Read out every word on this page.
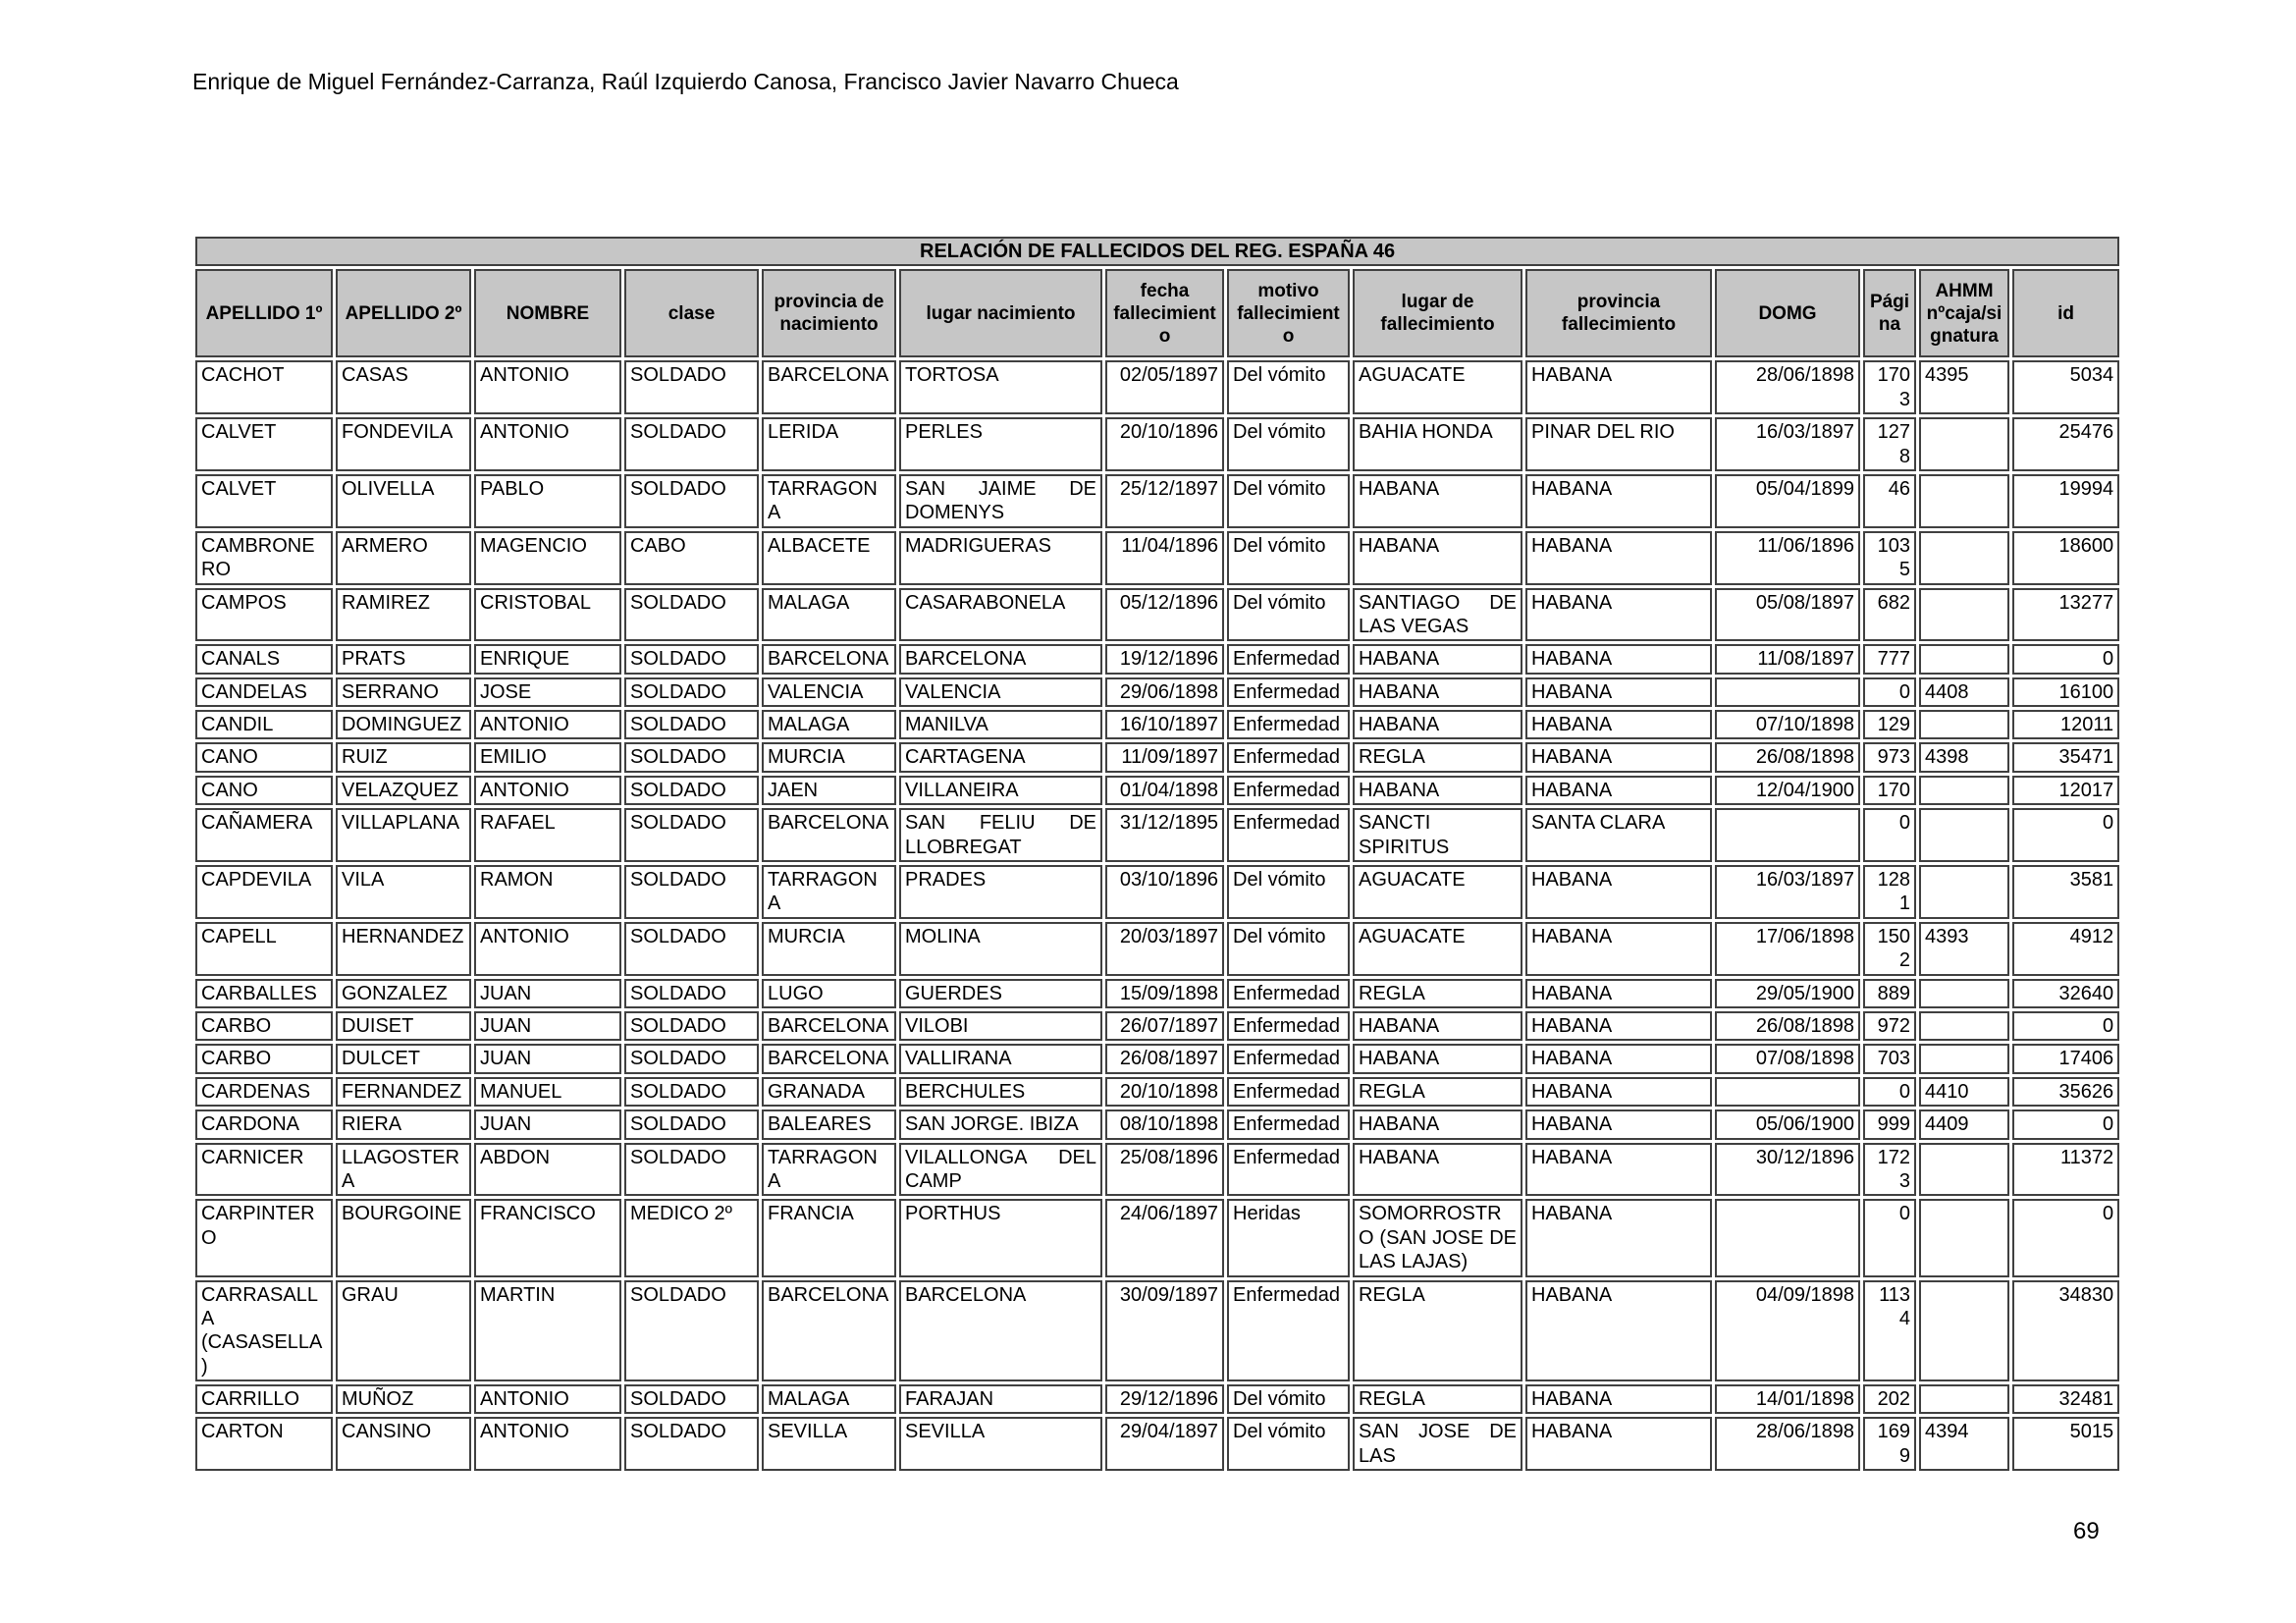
Enrique de Miguel Fernández-Carranza, Raúl Izquierdo Canosa, Francisco Javier Navarro Chueca
RELACIÓN DE FALLECIDOS DEL REG. ESPAÑA 46													
APELLIDO 1º	APELLIDO 2º	NOMBRE	clase	provincia de nacimiento	lugar nacimiento	fecha fallecimiento	motivo fallecimiento	lugar de fallecimiento	provincia fallecimiento	DOMG	Página	AHMM nºcaja/signatura	id
CACHOT	CASAS	ANTONIO	SOLDADO	BARCELONA	TORTOSA	02/05/1897	Del vómito	AGUACATE	HABANA	28/06/1898	1703	4395	5034
CALVET	FONDEVILA	ANTONIO	SOLDADO	LERIDA	PERLES	20/10/1896	Del vómito	BAHIA HONDA	PINAR DEL RIO	16/03/1897	1278		25476
CALVET	OLIVELLA	PABLO	SOLDADO	TARRAGONA	SAN JAIME DE DOMENYS	25/12/1897	Del vómito	HABANA	HABANA	05/04/1899	46		19994
CAMBRONERO	ARMERO	MAGENCIO	CABO	ALBACETE	MADRIGUERAS	11/04/1896	Del vómito	HABANA	HABANA	11/06/1896	1035		18600
CAMPOS	RAMIREZ	CRISTOBAL	SOLDADO	MALAGA	CASARABONELA	05/12/1896	Del vómito	SANTIAGO DE LAS VEGAS	HABANA	05/08/1897	682		13277
CANALS	PRATS	ENRIQUE	SOLDADO	BARCELONA	BARCELONA	19/12/1896	Enfermedad	HABANA	HABANA	11/08/1897	777		0
CANDELAS	SERRANO	JOSE	SOLDADO	VALENCIA	VALENCIA	29/06/1898	Enfermedad	HABANA	HABANA		0	4408	16100
CANDIL	DOMINGUEZ	ANTONIO	SOLDADO	MALAGA	MANILVA	16/10/1897	Enfermedad	HABANA	HABANA	07/10/1898	129		12011
CANO	RUIZ	EMILIO	SOLDADO	MURCIA	CARTAGENA	11/09/1897	Enfermedad	REGLA	HABANA	26/08/1898	973	4398	35471
CANO	VELAZQUEZ	ANTONIO	SOLDADO	JAEN	VILLANEIRA	01/04/1898	Enfermedad	HABANA	HABANA	12/04/1900	170		12017
CAÑAMERA	VILLAPLANA	RAFAEL	SOLDADO	BARCELONA	SAN FELIU DE LLOBREGAT	31/12/1895	Enfermedad	SANCTI SPIRITUS	SANTA CLARA		0		0
CAPDEVILA	VILA	RAMON	SOLDADO	TARRAGONA	PRADES	03/10/1896	Del vómito	AGUACATE	HABANA	16/03/1897	1281		3581
CAPELL	HERNANDEZ	ANTONIO	SOLDADO	MURCIA	MOLINA	20/03/1897	Del vómito	AGUACATE	HABANA	17/06/1898	1502	4393	4912
CARBALLES	GONZALEZ	JUAN	SOLDADO	LUGO	GUERDES	15/09/1898	Enfermedad	REGLA	HABANA	29/05/1900	889		32640
CARBO	DUISET	JUAN	SOLDADO	BARCELONA	VILOBI	26/07/1897	Enfermedad	HABANA	HABANA	26/08/1898	972		0
CARBO	DULCET	JUAN	SOLDADO	BARCELONA	VALLIRANA	26/08/1897	Enfermedad	HABANA	HABANA	07/08/1898	703		17406
CARDENAS	FERNANDEZ	MANUEL	SOLDADO	GRANADA	BERCHULES	20/10/1898	Enfermedad	REGLA	HABANA		0	4410	35626
CARDONA	RIERA	JUAN	SOLDADO	BALEARES	SAN JORGE. IBIZA	08/10/1898	Enfermedad	HABANA	HABANA	05/06/1900	999	4409	0
CARNICER	LLAGOSTERA	ABDON	SOLDADO	TARRAGONA	VILALLONGA DEL CAMP	25/08/1896	Enfermedad	HABANA	HABANA	30/12/1896	1723		11372
CARPINTERO	BOURGOINE	FRANCISCO	MEDICO 2º	FRANCIA	PORTHUS	24/06/1897	Heridas	SOMORROSTRO (SAN JOSE DE LAS LAJAS)	HABANA		0		0
CARRASALLA (CASASELLA)	GRAU	MARTIN	SOLDADO	BARCELONA	BARCELONA	30/09/1897	Enfermedad	REGLA	HABANA	04/09/1898	1134		34830
CARRILLO	MUÑOZ	ANTONIO	SOLDADO	MALAGA	FARAJAN	29/12/1896	Del vómito	REGLA	HABANA	14/01/1898	202		32481
CARTON	CANSINO	ANTONIO	SOLDADO	SEVILLA	SEVILLA	29/04/1897	Del vómito	SAN JOSE DE LAS	HABANA	28/06/1898	1699	4394	5015
69
